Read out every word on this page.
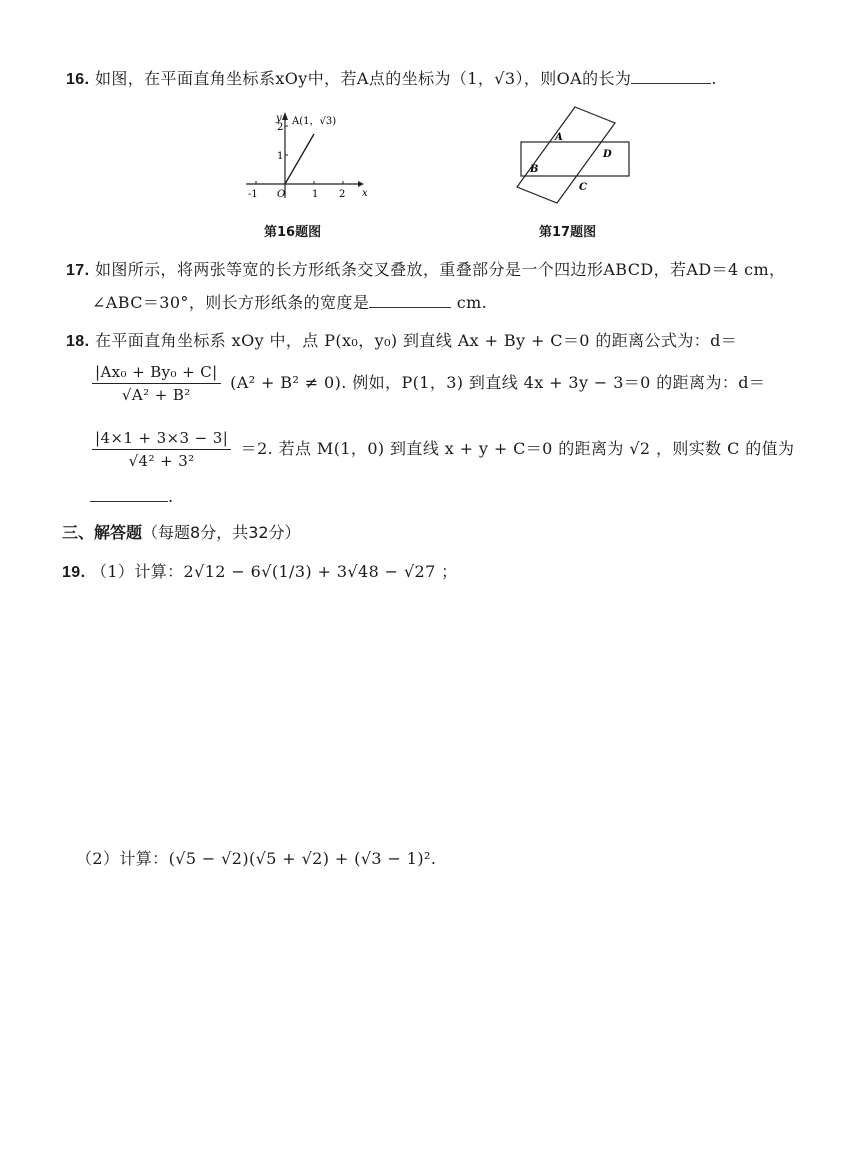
16. 如图，在平面直角坐标系xOy中，若A点的坐标为（1，√3），则OA的长为	.
y
x
O
-1	1 2
1
2
A(1，√3)
第16题图
A
B
C
D
第17题图
17. 如图所示，将两张等宽的长方形纸条交叉叠放，重叠部分是一个四边形ABCD，若AD＝4 cm，
∠ABC＝30°，则长方形纸条的宽度是	cm.
18. 在平面直角坐标系 xOy 中，点 P(x₀，y₀) 到直线 Ax + By + C＝0 的距离公式为：d＝
$\frac{\text{|Ax₀ + By₀ + C|}}{\text{√A² + B²}} (A^2 + B^2 \ne 0)$. 例如，P(1，3) 到直线 4x + 3y − 3＝0 的距离为：d＝
$\frac{|4\times 1 + 3\times 3 - 3|}{\text{√4² + 3²}} =2$. 若点 M(1，0) 到直线 x + y + C＝0 的距离为 √2 ，则实数 C 的值为
.
三、解答题（每题8分，共32分）
19. （1）计算：2√12 − 6√(1/3) + 3√48 − √27 ；
（2）计算：(√5 − √2)(√5 + √2) + (√3 − 1)².
